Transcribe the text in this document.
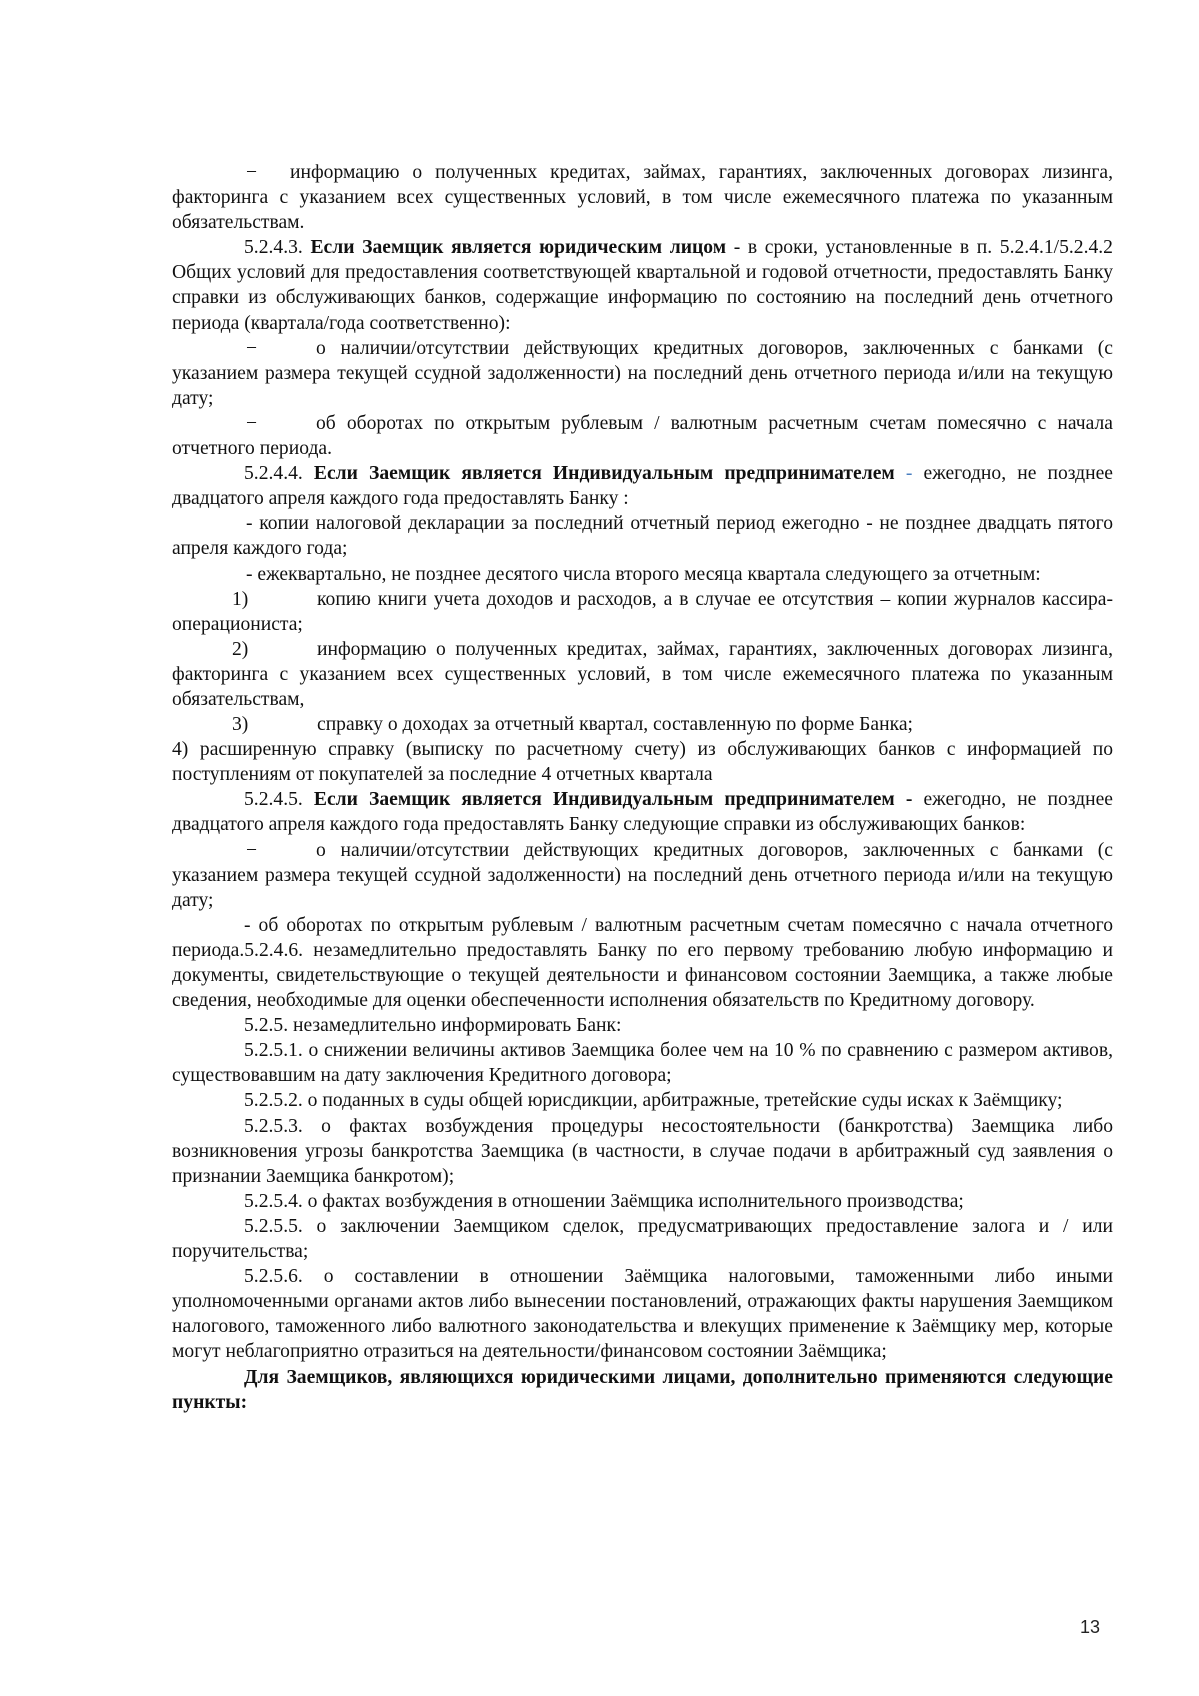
− информацию о полученных кредитах, займах, гарантиях, заключенных договорах лизинга, факторинга с указанием всех существенных условий, в том числе ежемесячного платежа по указанным обязательствам.

5.2.4.3. Если Заемщик является юридическим лицом - в сроки, установленные в п. 5.2.4.1/5.2.4.2 Общих условий для предоставления соответствующей квартальной и годовой отчетности, предоставлять Банку справки из обслуживающих банков, содержащие информацию по состоянию на последний день отчетного периода (квартала/года соответственно):

−	о наличии/отсутствии действующих кредитных договоров, заключенных с банками (с указанием размера текущей ссудной задолженности) на последний день отчетного периода и/или на текущую дату;

−	об оборотах по открытым рублевым / валютным расчетным счетам помесячно с начала отчетного периода.

5.2.4.4. Если Заемщик является Индивидуальным предпринимателем - ежегодно, не позднее двадцатого апреля каждого года предоставлять Банку :

- копии налоговой декларации за последний отчетный период ежегодно - не позднее двадцать пятого апреля каждого года;

- ежеквартально, не позднее десятого числа второго месяца квартала следующего за отчетным:

1)	копию книги учета доходов и расходов, а в случае ее отсутствия – копии журналов кассира-операциониста;

2)	информацию о полученных кредитах, займах, гарантиях, заключенных договорах лизинга, факторинга с указанием всех существенных условий, в том числе ежемесячного платежа по указанным обязательствам,

3)	справку о доходах за отчетный квартал, составленную по форме Банка;

4) расширенную справку (выписку по расчетному счету) из обслуживающих банков с информацией по поступлениям от покупателей за последние 4 отчетных квартала

5.2.4.5. Если Заемщик является Индивидуальным предпринимателем - ежегодно, не позднее двадцатого апреля каждого года предоставлять Банку следующие справки из обслуживающих банков:

−	о наличии/отсутствии действующих кредитных договоров, заключенных с банками (с указанием размера текущей ссудной задолженности) на последний день отчетного периода и/или на текущую дату;

- об оборотах по открытым рублевым / валютным расчетным счетам помесячно с начала отчетного периода.5.2.4.6. незамедлительно предоставлять Банку по его первому требованию любую информацию и документы, свидетельствующие о текущей деятельности и финансовом состоянии Заемщика, а также любые сведения, необходимые для оценки обеспеченности исполнения обязательств по Кредитному договору.

5.2.5. незамедлительно информировать Банк:

5.2.5.1. о снижении величины активов Заемщика более чем на 10 % по сравнению с размером активов, существовавшим на дату заключения Кредитного договора;

5.2.5.2. о поданных в суды общей юрисдикции, арбитражные, третейские суды исках к Заёмщику;

5.2.5.3. о фактах возбуждения процедуры несостоятельности (банкротства) Заемщика либо возникновения угрозы банкротства Заемщика (в частности, в случае подачи в арбитражный суд заявления о признании Заемщика банкротом);

5.2.5.4. о фактах возбуждения в отношении Заёмщика исполнительного производства;

5.2.5.5. о заключении Заемщиком сделок, предусматривающих предоставление залога и / или поручительства;

5.2.5.6. о составлении в отношении Заёмщика налоговыми, таможенными либо иными уполномоченными органами актов либо вынесении постановлений, отражающих факты нарушения Заемщиком налогового, таможенного либо валютного законодательства и влекущих применение к Заёмщику мер, которые могут неблагоприятно отразиться на деятельности/финансовом состоянии Заёмщика;

Для Заемщиков, являющихся юридическими лицами, дополнительно применяются следующие пункты:

13
